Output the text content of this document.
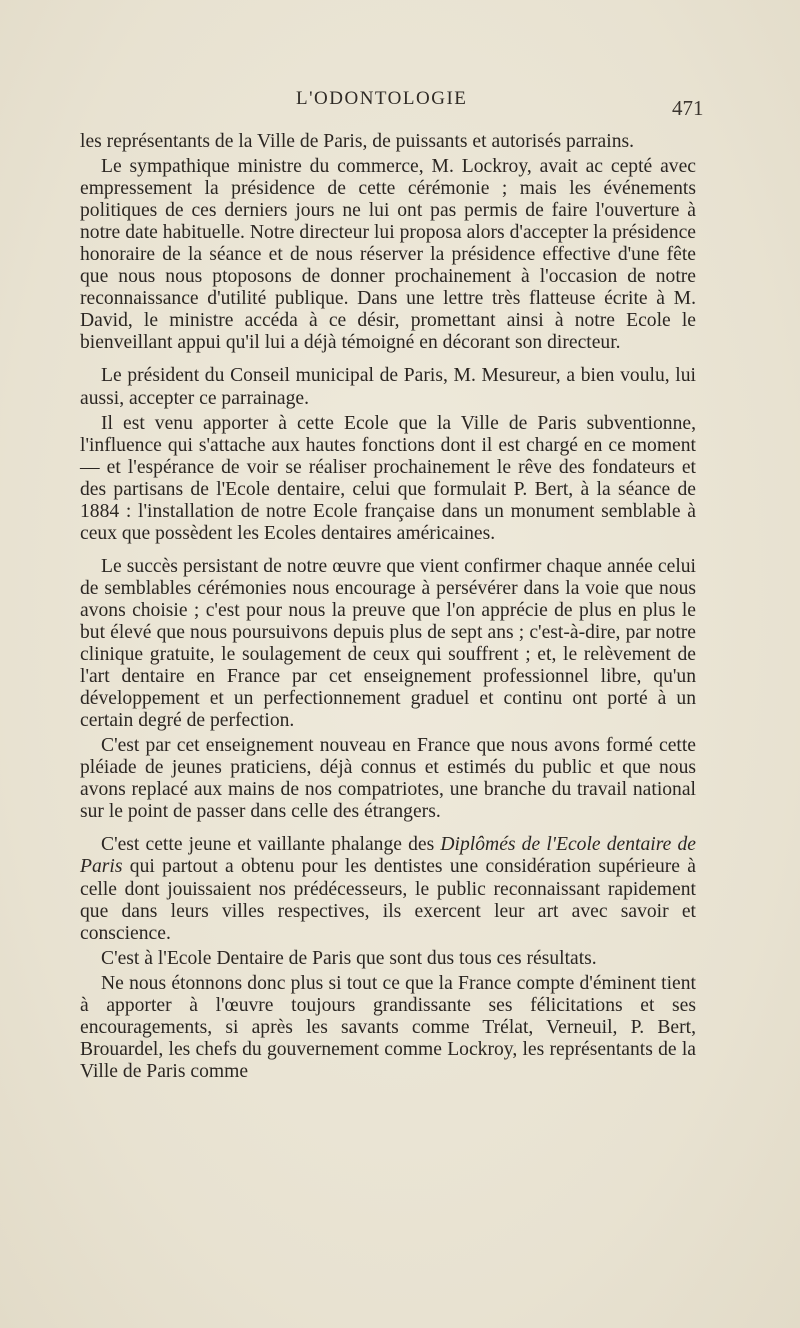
L'ODONTOLOGIE	471

les représentants de la Ville de Paris, de puissants et autorisés parrains.

Le sympathique ministre du commerce, M. Lockroy, avait ac cepté avec empressement la présidence de cette cérémonie ; mais les événements politiques de ces derniers jours ne lui ont pas permis de faire l'ouverture à notre date habituelle. Notre directeur lui proposa alors d'accepter la présidence honoraire de la séance et de nous réserver la présidence effective d'une fête que nous nous ptoposons de donner prochainement à l'occasion de notre reconnaissance d'utilité publique. Dans une lettre très flatteuse écrite à M. David, le ministre accéda à ce désir, promettant ainsi à notre Ecole le bienveillant appui qu'il lui a déjà témoigné en décorant son directeur.

Le président du Conseil municipal de Paris, M. Mesureur, a bien voulu, lui aussi, accepter ce parrainage.

Il est venu apporter à cette Ecole que la Ville de Paris subventionne, l'influence qui s'attache aux hautes fonctions dont il est chargé en ce moment — et l'espérance de voir se réaliser prochainement le rêve des fondateurs et des partisans de l'Ecole dentaire, celui que formulait P. Bert, à la séance de 1884 : l'installation de notre Ecole française dans un monument semblable à ceux que possèdent les Ecoles dentaires américaines.

Le succès persistant de notre œuvre que vient confirmer chaque année celui de semblables cérémonies nous encourage à persévérer dans la voie que nous avons choisie ; c'est pour nous la preuve que l'on apprécie de plus en plus le but élevé que nous poursuivons depuis plus de sept ans ; c'est-à-dire, par notre clinique gratuite, le soulagement de ceux qui souffrent ; et, le relèvement de l'art dentaire en France par cet enseignement professionnel libre, qu'un développement et un perfectionnement graduel et continu ont porté à un certain degré de perfection.

C'est par cet enseignement nouveau en France que nous avons formé cette pléiade de jeunes praticiens, déjà connus et estimés du public et que nous avons replacé aux mains de nos compatriotes, une branche du travail national sur le point de passer dans celle des étrangers.

C'est cette jeune et vaillante phalange des Diplômés de l'Ecole dentaire de Paris qui partout a obtenu pour les dentistes une considération supérieure à celle dont jouissaient nos prédécesseurs, le public reconnaissant rapidement que dans leurs villes respectives, ils exercent leur art avec savoir et conscience.

C'est à l'Ecole Dentaire de Paris que sont dus tous ces résultats.

Ne nous étonnons donc plus si tout ce que la France compte d'éminent tient à apporter à l'œuvre toujours grandissante ses félicitations et ses encouragements, si après les savants comme Trélat, Verneuil, P. Bert, Brouardel, les chefs du gouvernement comme Lockroy, les représentants de la Ville de Paris comme
